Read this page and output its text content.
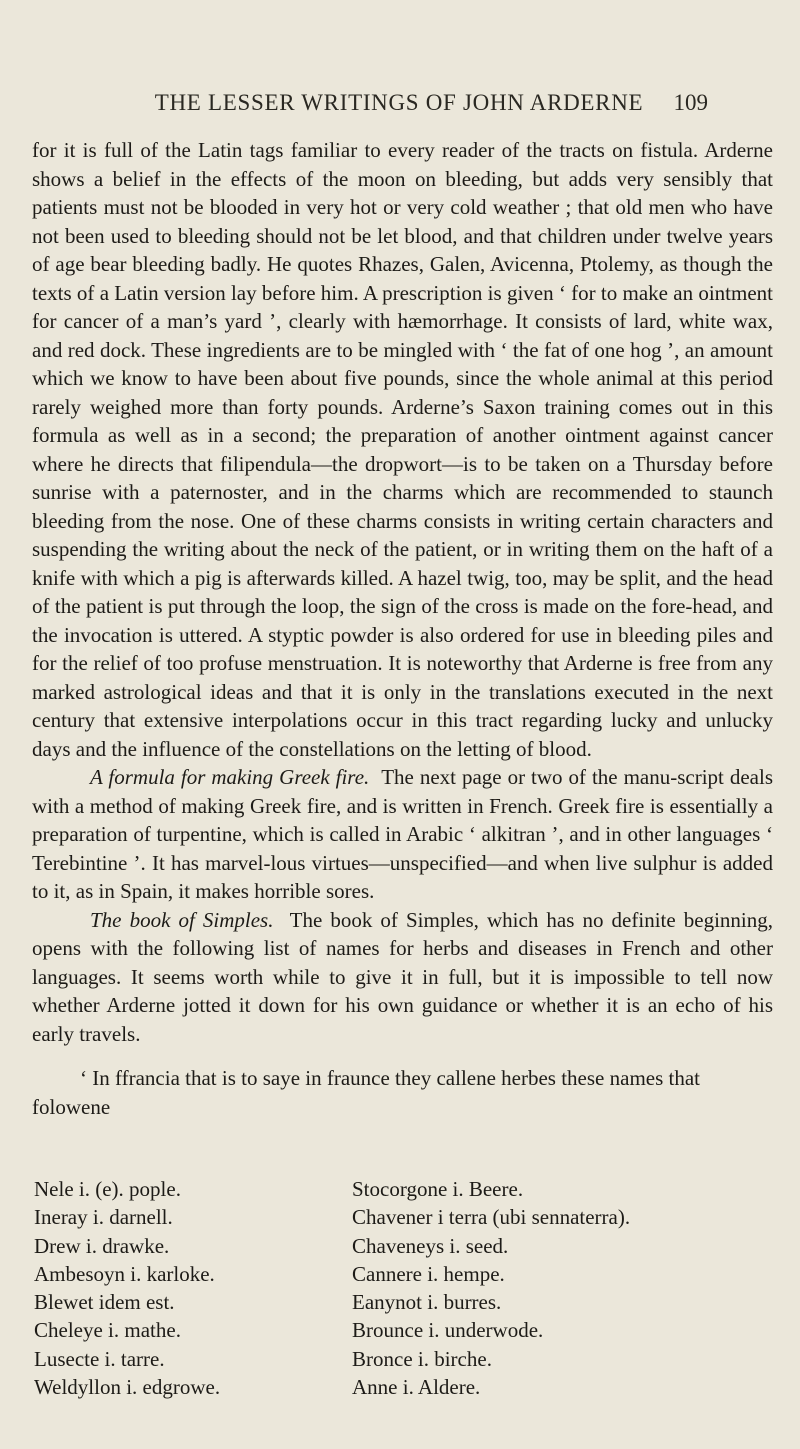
THE LESSER WRITINGS OF JOHN ARDERNE	109

for it is full of the Latin tags familiar to every reader of the tracts on fistula. Arderne shows a belief in the effects of the moon on bleeding, but adds very sensibly that patients must not be blooded in very hot or very cold weather ; that old men who have not been used to bleeding should not be let blood, and that children under twelve years of age bear bleeding badly. He quotes Rhazes, Galen, Avicenna, Ptolemy, as though the texts of a Latin version lay before him. A prescription is given ‘ for to make an ointment for cancer of a man’s yard ’, clearly with hæmorrhage. It consists of lard, white wax, and red dock. These ingredients are to be mingled with ‘ the fat of one hog ’, an amount which we know to have been about five pounds, since the whole animal at this period rarely weighed more than forty pounds. Arderne’s Saxon training comes out in this formula as well as in a second; the preparation of another ointment against cancer where he directs that filipendula—the dropwort—is to be taken on a Thursday before sunrise with a paternoster, and in the charms which are recommended to staunch bleeding from the nose. One of these charms consists in writing certain characters and suspending the writing about the neck of the patient, or in writing them on the haft of a knife with which a pig is afterwards killed. A hazel twig, too, may be split, and the head of the patient is put through the loop, the sign of the cross is made on the fore-head, and the invocation is uttered. A styptic powder is also ordered for use in bleeding piles and for the relief of too profuse menstruation. It is noteworthy that Arderne is free from any marked astrological ideas and that it is only in the translations executed in the next century that extensive interpolations occur in this tract regarding lucky and unlucky days and the influence of the constellations on the letting of blood.

A formula for making Greek fire. The next page or two of the manu-script deals with a method of making Greek fire, and is written in French. Greek fire is essentially a preparation of turpentine, which is called in Arabic ‘ alkitran ’, and in other languages ‘ Terebintine ’. It has marvel-lous virtues—unspecified—and when live sulphur is added to it, as in Spain, it makes horrible sores.

The book of Simples. The book of Simples, which has no definite beginning, opens with the following list of names for herbs and diseases in French and other languages. It seems worth while to give it in full, but it is impossible to tell now whether Arderne jotted it down for his own guidance or whether it is an echo of his early travels.

‘ In ffrancia that is to saye in fraunce they callene herbes these names that folowene

Nele i. (e). pople.
Ineray i. darnell.
Drew i. drawke.
Ambesoyn i. karloke.
Blewet idem est.
Cheleye i. mathe.
Lusecte i. tarre.
Weldyllon i. edgrowe.
Stocorgone i. Beere.
Chavener i terra (ubi sennaterra).
Chaveneys i. seed.
Cannere i. hempe.
Eanynot i. burres.
Brounce i. underwode.
Bronce i. birche.
Anne i. Aldere.
